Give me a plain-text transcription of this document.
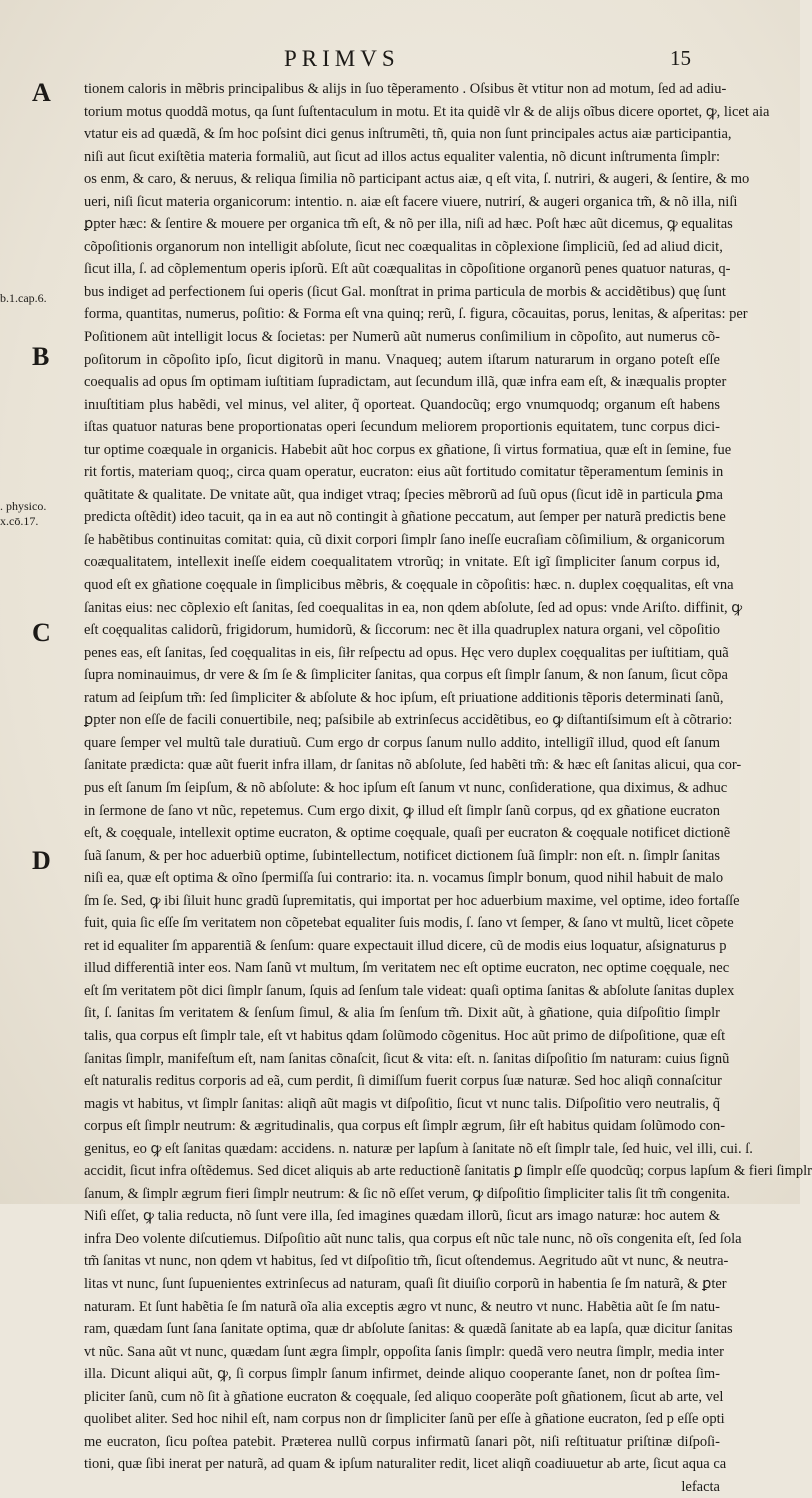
PRIMVS	15
A
B
C
D
b.1.cap.6.
. physico.
x.cō.17.
tionem caloris in mẽbris principalibus & alijs in ſuo tẽperamento . Oſsibus ẽt vtitur non ad motum, ſed ad adiu-
torium motus quoddã motus, qa ſunt ſuſtentaculum in motu. Et ita quidẽ vlr & de alijs oĩbus dicere oportet, ꝙ, licet aia
vtatur eis ad quædã, & ſm hoc poſsint dici genus inſtrumẽti, tñ, quia non ſunt principales actus aiæ participantia,
niſi aut ſicut exiſtẽtia materia formaliũ, aut ſicut ad illos actus equaliter valentia, nõ dicunt inſtrumenta ſimplr:
os enm, & caro, & neruus, & reliqua ſimilia nõ participant actus aiæ, q eſt vita, ſ. nutriri, & augeri, & ſentire, & mo
ueri, niſi ſicut materia organicorum: intentio. n. aiæ eſt facere viuere, nutrirí, & augeri organica tm̃, & nõ illa, niſi
ꝑpter hæc: & ſentire & mouere per organica tm̃ eſt, & nõ per illa, niſi ad hæc. Poſt hæc aũt dicemus, ꝙ equalitas
cõpoſitionis organorum non intelligit abſolute, ſicut nec coæqualitas in cõplexione ſimpliciũ, ſed ad aliud dicit,
ſicut illa, ſ. ad cõplementum operis ipſorũ. Eſt aũt coæqualitas in cõpoſitione organorũ penes quatuor naturas, q-
bus indiget ad perfectionem ſui operis (ſicut Gal. monſtrat in prima particula de morbis & accidẽtibus) quę ſunt
forma, quantitas, numerus, poſitio: & Forma eſt vna quinq; rerũ, ſ. figura, cõcauitas, porus, lenitas, & aſperitas: per
Poſitionem aũt intelligit locus & ſocietas: per Numerũ aũt numerus conſimilium in cõpoſito, aut numerus cõ-
poſitorum in cõpoſito ipſo, ſicut digitorũ in manu. Vnaqueq; autem iſtarum naturarum in organo poteſt eſſe
coequalis ad opus ſm optimam iuſtitiam ſupradictam, aut ſecundum illã, quæ infra eam eſt, & inæqualis propter
inıuſtitiam plus habẽdi, vel minus, vel aliter, q̃ oporteat. Quandocũq; ergo vnumquodq; organum eſt habens
iſtas quatuor naturas bene proportionatas operi ſecundum meliorem proportionis equitatem, tunc corpus dici-
tur optime coæquale in organicis. Habebit aũt hoc corpus ex gñatione, ſi virtus formatiua, quæ eſt in ſemine, fue
rit fortis, materiam quoq;, circa quam operatur, eucraton: eius aũt fortitudo comitatur tẽperamentum ſeminis in
quãtitate & qualitate. De vnitate aũt, qua indiget vtraq; ſpecies mẽbrorũ ad ſuũ opus (ſicut idẽ in particula ꝑma
predicta oſtẽdit) ideo tacuit, qa in ea aut nõ contingit à gñatione peccatum, aut ſemper per naturã predictis bene
ſe habẽtibus continuitas comitat: quia, cũ dixit corpori ſimplr ſano ineſſe eucraſiam cõſimilium, & organicorum
coæqualitatem, intellexit ineſſe eidem coequalitatem vtrorũq; in vnitate. Eſt igĩ ſimpliciter ſanum corpus id,
quod eſt ex gñatione coęquale in ſimplicibus mẽbris, & coęquale in cõpoſitis: hæc. n. duplex coęqualitas, eſt vna
ſanitas eius: nec cõplexio eſt ſanitas, ſed coequalitas in ea, non qdem abſolute, ſed ad opus: vnde Ariſto. diffinit, ꝙ
eſt coęqualitas calidorũ, frigidorum, humidorũ, & ſiccorum: nec ẽt illa quadruplex natura organi, vel cõpoſitio
penes eas, eſt ſanitas, ſed coęqualitas in eis, ſiłr reſpectu ad opus. Hęc vero duplex coęqualitas per iuſtitiam, quã
ſupra nominauimus, dr vere & ſm ſe & ſimpliciter ſanitas, qua corpus eſt ſimplr ſanum, & non ſanum, ſicut cõpa
ratum ad ſeipſum tm̃: ſed ſimpliciter & abſolute & hoc ipſum, eſt priuatione additionis tẽporis determinati ſanũ,
ꝑpter non eſſe de facili conuertibile, neq; paſsibile ab extrinſecus accidẽtibus, eo ꝙ diſtantiſsimum eſt à cõtrario:
quare ſemper vel multũ tale duratiuũ. Cum ergo dr corpus ſanum nullo addito, intelligiĩ illud, quod eſt ſanum
ſanitate prædicta: quæ aũt fuerit infra illam, dr ſanitas nõ abſolute, ſed habẽti tm̃: & hæc eſt ſanitas alicui, qua cor-
pus eſt ſanum ſm ſeipſum, & nõ abſolute: & hoc ipſum eſt ſanum vt nunc, conſideratione, qua diximus, & adhuc
in ſermone de ſano vt nũc, repetemus. Cum ergo dixit, ꝙ illud eſt ſimplr ſanũ corpus, qd ex gñatione eucraton
eſt, & coęquale, intellexit optime eucraton, & optime coęquale, quaſi per eucraton & coęquale notificet dictionẽ
ſuã ſanum, & per hoc aduerbiũ optime, ſubintellectum, notificet dictionem ſuã ſimplr: non eſt. n. ſimplr ſanitas
niſi ea, quæ eſt optima & oĩno ſpermiſſa ſui contrario: ita. n. vocamus ſimplr bonum, quod nihil habuit de malo
ſm ſe. Sed, ꝙ ibi ſiluit hunc gradũ ſupremitatis, qui importat per hoc aduerbium maxime, vel optime, ideo fortaſſe
fuit, quia ſic eſſe ſm veritatem non cõpetebat equaliter ſuis modis, ſ. ſano vt ſemper, & ſano vt multũ, licet cõpete
ret id equaliter ſm apparentiã & ſenſum: quare expectauit illud dicere, cũ de modis eius loquatur, aſsignaturus p
illud differentiã inter eos. Nam ſanũ vt multum, ſm veritatem nec eſt optime eucraton, nec optime coęquale, nec
eſt ſm veritatem põt dici ſimplr ſanum, ſquis ad ſenſum tale videat: quaſi optima ſanitas & abſolute ſanitas duplex
ſit, ſ. ſanitas ſm veritatem & ſenſum ſimul, & alia ſm ſenſum tm̃. Dixit aũt, à gñatione, quia diſpoſitio ſimplr
talis, qua corpus eſt ſimplr tale, eſt vt habitus qdam ſolũmodo cõgenitus. Hoc aũt primo de diſpoſitione, quæ eſt
ſanitas ſimplr, manifeſtum eſt, nam ſanitas cõnaſcit, ſicut & vita: eſt. n. ſanitas diſpoſitio ſm naturam: cuius ſignũ
eſt naturalis reditus corporis ad eã, cum perdit, ſi dimiſſum fuerit corpus ſuæ naturæ. Sed hoc aliqñ connaſcitur
magis vt habitus, vt ſimplr ſanitas: aliqñ aũt magis vt diſpoſitio, ſicut vt nunc talis. Diſpoſitio vero neutralis, q̃
corpus eſt ſimplr neutrum: & ægritudinalis, qua corpus eſt ſimplr ægrum, ſiłr eſt habitus quidam ſolũmodo con-
genitus, eo ꝙ eſt ſanitas quædam: accidens. n. naturæ per lapſum à ſanitate nõ eſt ſimplr tale, ſed huic, vel illi, cui. ſ.
accidit, ſicut infra oſtẽdemus. Sed dicet aliquis ab arte reductionẽ ſanitatis ꝑ ſimplr eſſe quodcũq; corpus lapſum & fieri ſimplr
ſanum, & ſimplr ægrum fieri ſimplr neutrum: & ſic nõ eſſet verum, ꝙ diſpoſitio ſimpliciter talis ſit tm̃ congenita.
Niſi eſſet, ꝙ talia reducta, nõ ſunt vere illa, ſed imagines quædam illorũ, ſicut ars imago naturæ: hoc autem &
infra Deo volente diſcutiemus. Diſpoſitio aũt nunc talis, qua corpus eſt nũc tale nunc, nõ oĩs congenita eſt, ſed ſola
tm̃ ſanitas vt nunc, non qdem vt habitus, ſed vt diſpoſitio tm̃, ſicut oſtendemus. Aegritudo aũt vt nunc, & neutra-
litas vt nunc, ſunt ſupuenientes extrinſecus ad naturam, quaſi ſit diuiſio corporũ in habentia ſe ſm naturã, & ꝑter
naturam. Et ſunt habẽtia ſe ſm naturã oĩa alia exceptis ægro vt nunc, & neutro vt nunc. Habẽtia aũt ſe ſm natu-
ram, quædam ſunt ſana ſanitate optima, quæ dr abſolute ſanitas: & quædã ſanitate ab ea lapſa, quæ dicitur ſanitas
vt nũc. Sana aũt vt nunc, quædam ſunt ægra ſimplr, oppoſita ſanis ſimplr: quedã vero neutra ſimplr, media inter
illa. Dicunt aliqui aũt, ꝙ, ſi corpus ſimplr ſanum infirmet, deinde aliquo cooperante ſanet, non dr poſtea ſim-
pliciter ſanũ, cum nõ ſit à gñatione eucraton & coęquale, ſed aliquo cooperãte poſt gñationem, ſicut ab arte, vel
quolibet aliter. Sed hoc nihil eſt, nam corpus non dr ſimpliciter ſanũ per eſſe à gñatione eucraton, ſed p eſſe opti
me eucraton, ſicu poſtea patebit. Præterea nullũ corpus infirmatũ ſanari põt, niſi reſtituatur priſtinæ diſpoſi-
tioni, quæ ſibi inerat per naturã, ad quam & ipſum naturaliter redit, licet aliqñ coadiuuetur ab arte, ſicut aqua ca
lefacta
